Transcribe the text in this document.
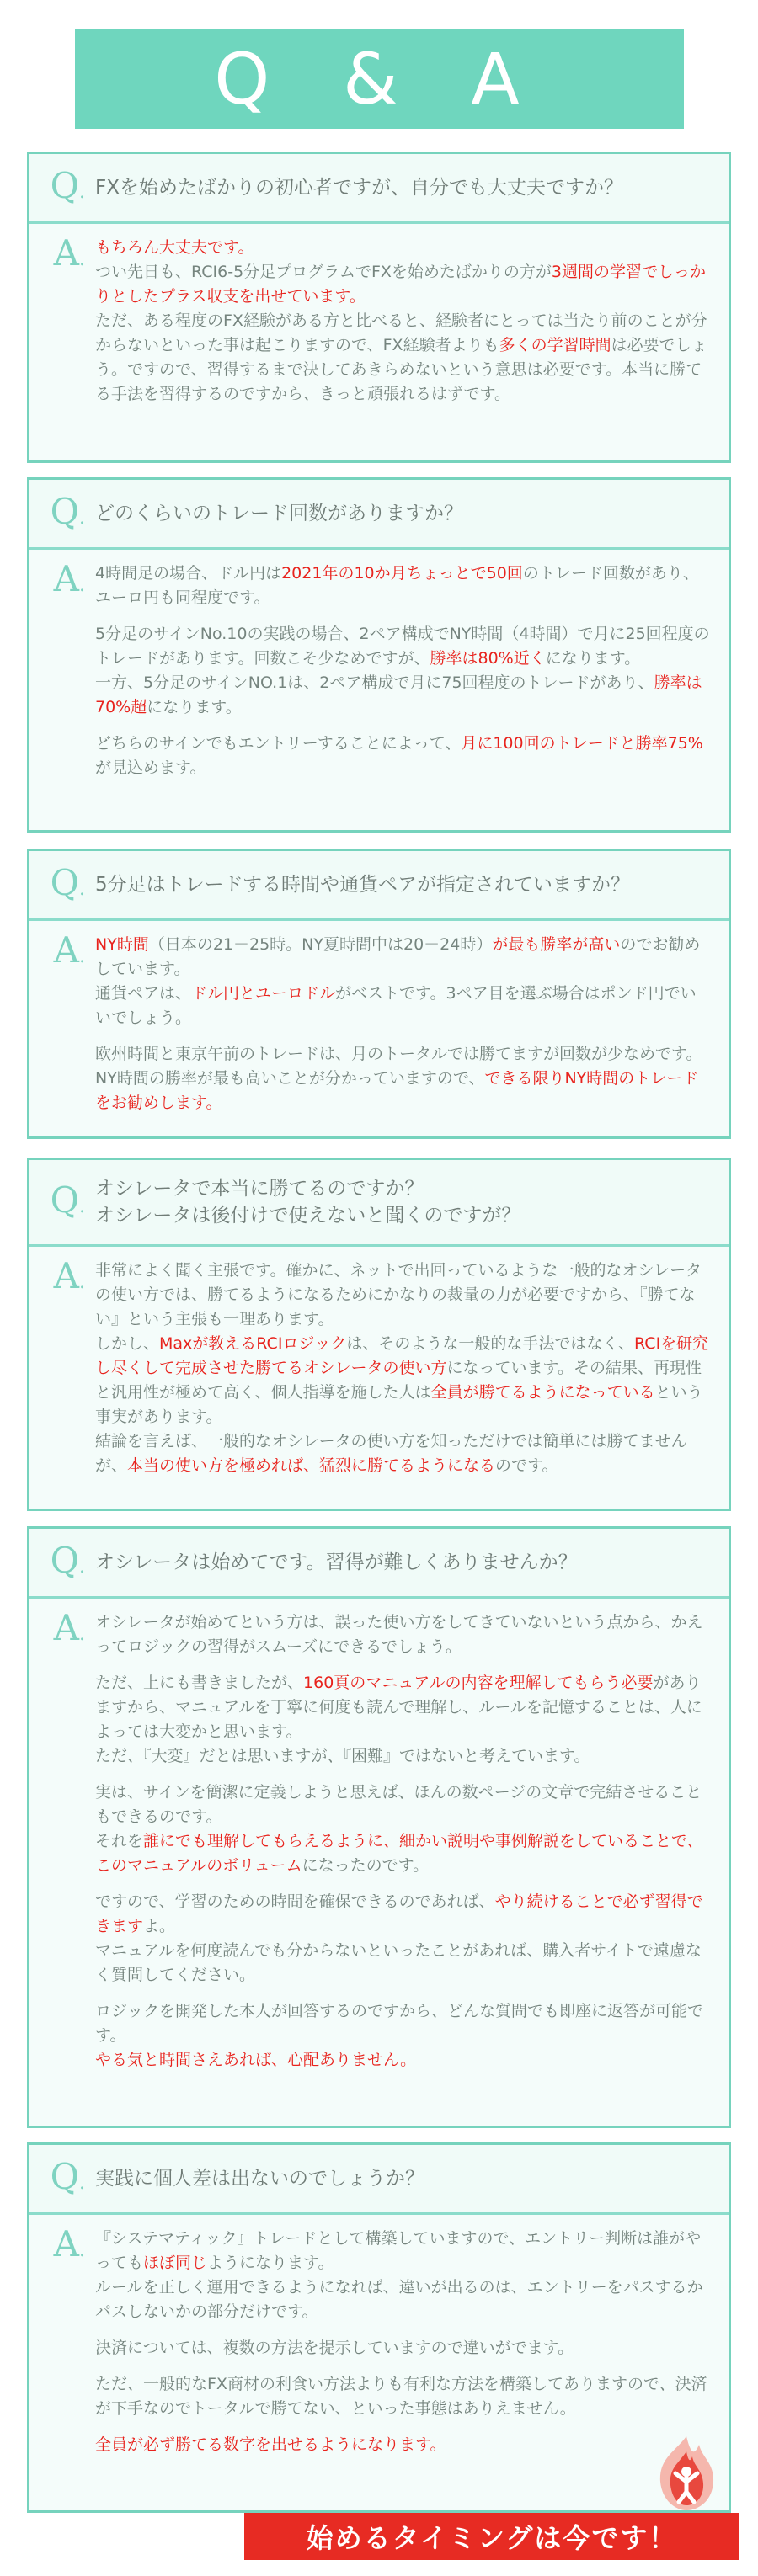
Q & A
Q. FXを始めたばかりの初心者ですが、自分でも大丈夫ですか？
A.

もちろん大丈夫です。
つい先日も、RCI6-5分足プログラムでFXを始めたばかりの方が3週間の学習でしっかりとしたプラス収支を出せています。
ただ、ある程度のFX経験がある方と比べると、経験者にとっては当たり前のことが分からないといった事は起こりますので、FX経験者よりも多くの学習時間は必要でしょう。ですので、習得するまで決してあきらめないという意思は必要です。本当に勝てる手法を習得するのですから、きっと頑張れるはずです。

Q. どのくらいのトレード回数がありますか？
A.

4時間足の場合、ドル円は2021年の10か月ちょっとで50回のトレード回数があり、ユーロ円も同程度です。

5分足のサインNo.10の実践の場合、2ペア構成でNY時間（4時間）で月に25回程度のトレードがあります。回数こそ少なめですが、勝率は80%近くになります。
一方、5分足のサインNO.1は、2ペア構成で月に75回程度のトレードがあり、勝率は70%超になります。

どちらのサインでもエントリーすることによって、月に100回のトレードと勝率75%が見込めます。

Q. 5分足はトレードする時間や通貨ペアが指定されていますか？
A.

NY時間（日本の21－25時。NY夏時間中は20－24時）が最も勝率が高いのでお勧めしています。
通貨ペアは、ドル円とユーロドルがベストです。3ペア目を選ぶ場合はポンド円でいいでしょう。

欧州時間と東京午前のトレードは、月のトータルでは勝てますが回数が少なめです。NY時間の勝率が最も高いことが分かっていますので、できる限りNY時間のトレードをお勧めします。

Q.
オシレータで本当に勝てるのですか？
オシレータは後付けで使えないと聞くのですが？
A.

非常によく聞く主張です。確かに、ネットで出回っているような一般的なオシレータの使い方では、勝てるようになるためにかなりの裁量の力が必要ですから、『勝てない』という主張も一理あります。
しかし、Maxが教えるRCIロジックは、そのような一般的な手法ではなく、RCIを研究し尽くして完成させた勝てるオシレータの使い方になっています。その結果、再現性と汎用性が極めて高く、個人指導を施した人は全員が勝てるようになっているという事実があります。
結論を言えば、一般的なオシレータの使い方を知っただけでは簡単には勝てませんが、本当の使い方を極めれば、猛烈に勝てるようになるのです。

Q. オシレータは始めてです。習得が難しくありませんか？
A.

オシレータが始めてという方は、誤った使い方をしてきていないという点から、かえってロジックの習得がスムーズにできるでしょう。

ただ、上にも書きましたが、160頁のマニュアルの内容を理解してもらう必要がありますから、マニュアルを丁寧に何度も読んで理解し、ルールを記憶することは、人によっては大変かと思います。
ただ、『大変』だとは思いますが、『困難』ではないと考えています。

実は、サインを簡潔に定義しようと思えば、ほんの数ページの文章で完結させることもできるのです。
それを誰にでも理解してもらえるように、細かい説明や事例解説をしていることで、このマニュアルのボリュームになったのです。

ですので、学習のための時間を確保できるのであれば、やり続けることで必ず習得できますよ。
マニュアルを何度読んでも分からないといったことがあれば、購入者サイトで遠慮なく質問してください。

ロジックを開発した本人が回答するのですから、どんな質問でも即座に返答が可能です。
やる気と時間さえあれば、心配ありません。

Q. 実践に個人差は出ないのでしょうか？
A.

『システマティック』トレードとして構築していますので、エントリー判断は誰がやってもほぼ同じようになります。
ルールを正しく運用できるようになれば、違いが出るのは、エントリーをパスするかパスしないかの部分だけです。

決済については、複数の方法を提示していますので違いがでます。

ただ、一般的なFX商材の利食い方法よりも有利な方法を構築してありますので、決済が下手なのでトータルで勝てない、といった事態はありえません。

全員が必ず勝てる数字を出せるようになります。

始めるタイミングは今です！
